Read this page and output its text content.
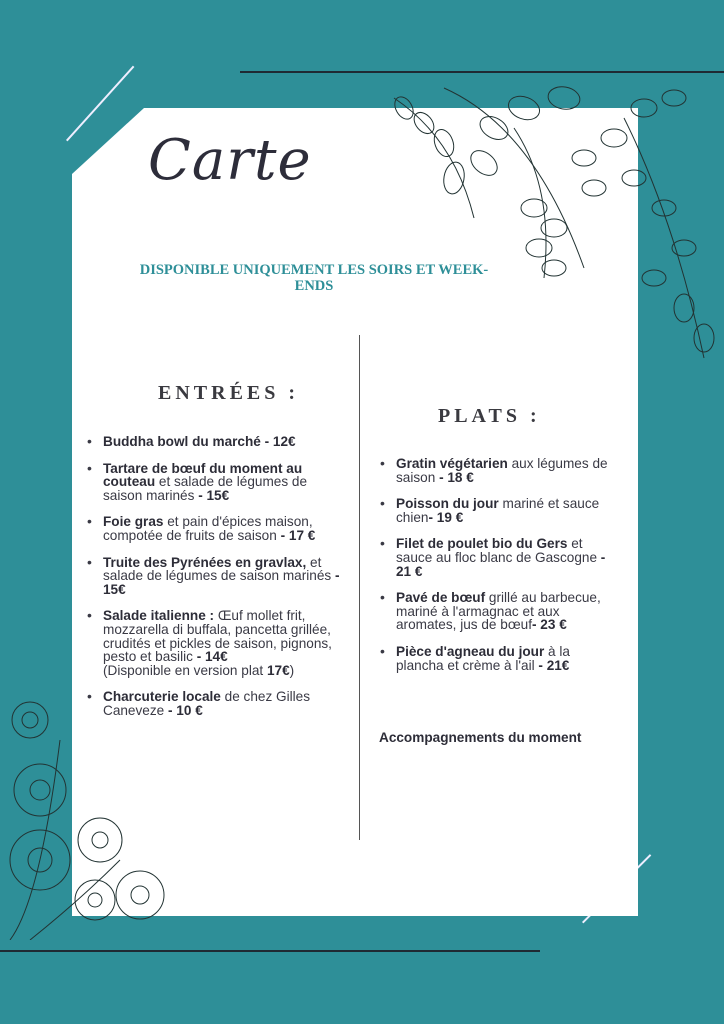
Carte
DISPONIBLE UNIQUEMENT LES SOIRS ET WEEK-ENDS
ENTRÉES :
• Buddha bowl du marché - 12€
• Tartare de bœuf du moment au couteau et salade de légumes de saison marinés - 15€
• Foie gras et pain d'épices maison, compotée de fruits de saison - 17 €
• Truite des Pyrénées en gravlax, et salade de légumes de saison marinés - 15€
• Salade italienne : Œuf mollet frit, mozzarella di buffala, pancetta grillée, crudités et pickles de saison, pignons, pesto et basilic - 14€
(Disponible en version plat 17€)
• Charcuterie locale de chez Gilles Caneveze - 10 €
PLATS :
• Gratin végétarien aux légumes de saison - 18 €
• Poisson du jour mariné et sauce chien- 19 €
• Filet de poulet bio du Gers et sauce au floc blanc de Gascogne - 21 €
• Pavé de bœuf grillé au barbecue, mariné à l'armagnac et aux aromates, jus de bœuf- 23 €
• Pièce d'agneau du jour à la plancha et crème à l'ail - 21€
Accompagnements du moment
